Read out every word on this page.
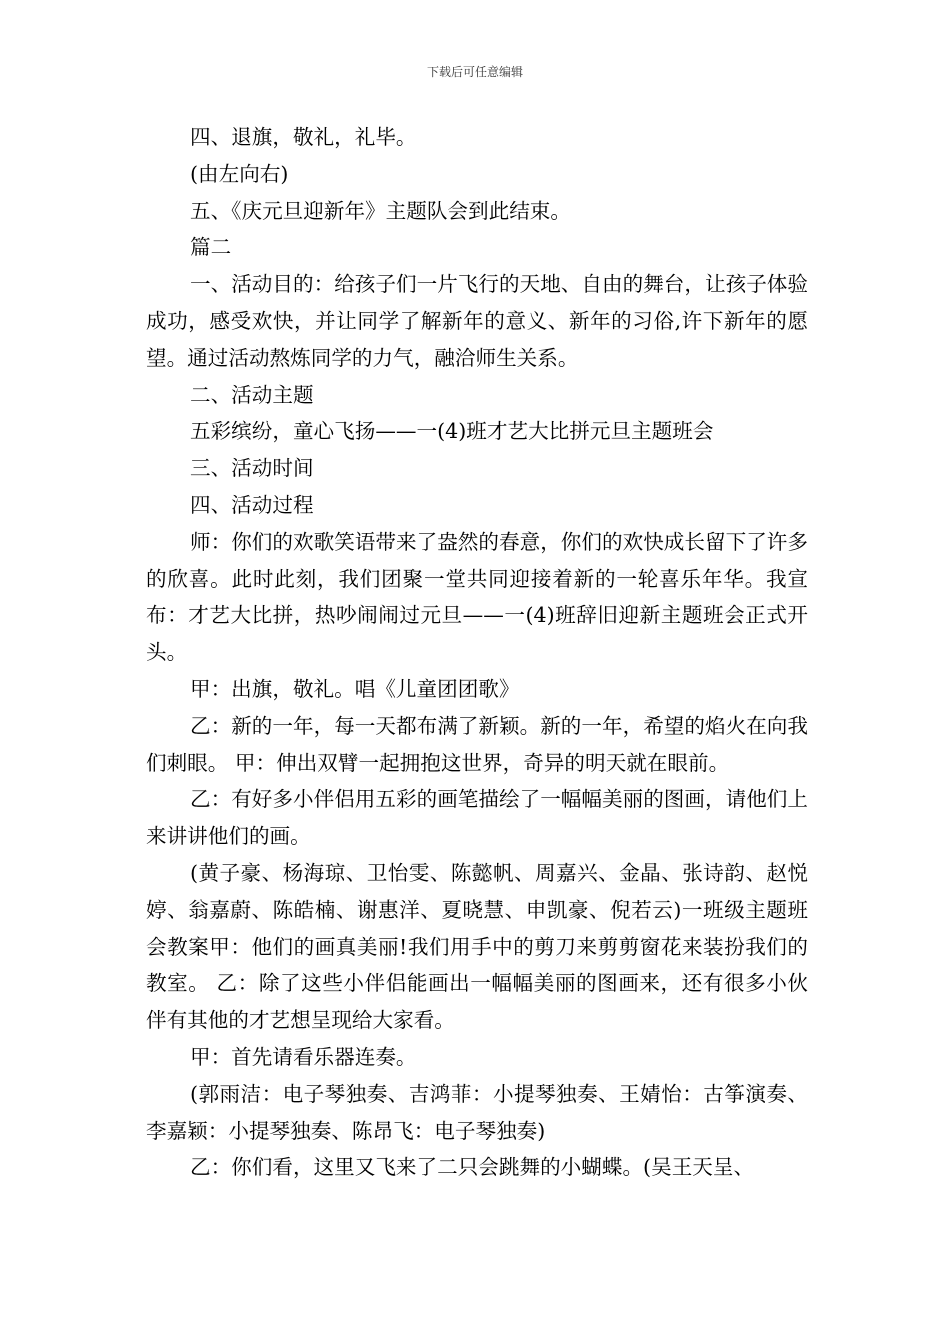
下载后可任意编辑

四、退旗，敬礼，礼毕。

(由左向右)

五、《庆元旦迎新年》主题队会到此结束。

篇二

一、活动目的：给孩子们一片飞行的天地、自由的舞台，让孩子体验成功，感受欢快，并让同学了解新年的意义、新年的习俗,许下新年的愿望。通过活动熬炼同学的力气，融洽师生关系。

二、活动主题

五彩缤纷，童心飞扬——一(4)班才艺大比拼元旦主题班会

三、活动时间

四、活动过程

师：你们的欢歌笑语带来了盎然的春意，你们的欢快成长留下了许多的欣喜。此时此刻，我们团聚一堂共同迎接着新的一轮喜乐年华。我宣布：才艺大比拼，热吵闹闹过元旦——一(4)班辞旧迎新主题班会正式开头。

甲：出旗，敬礼。唱《儿童团团歌》

乙：新的一年，每一天都布满了新颖。新的一年，希望的焰火在向我们刺眼。 甲：伸出双臂一起拥抱这世界，奇异的明天就在眼前。

乙：有好多小伴侣用五彩的画笔描绘了一幅幅美丽的图画，请他们上来讲讲他们的画。

(黄子豪、杨海琼、卫怡雯、陈懿帆、周嘉兴、金晶、张诗韵、赵悦婷、翁嘉蔚、陈皓楠、谢惠洋、夏晓慧、申凯豪、倪若云)一班级主题班会教案甲：他们的画真美丽!我们用手中的剪刀来剪剪窗花来装扮我们的教室。 乙：除了这些小伴侣能画出一幅幅美丽的图画来，还有很多小伙伴有其他的才艺想呈现给大家看。

甲：首先请看乐器连奏。

(郭雨洁：电子琴独奏、吉鸿菲：小提琴独奏、王婧怡：古筝演奏、李嘉颖：小提琴独奏、陈昂飞：电子琴独奏)

乙：你们看，这里又飞来了二只会跳舞的小蝴蝶。(吴王天呈、
